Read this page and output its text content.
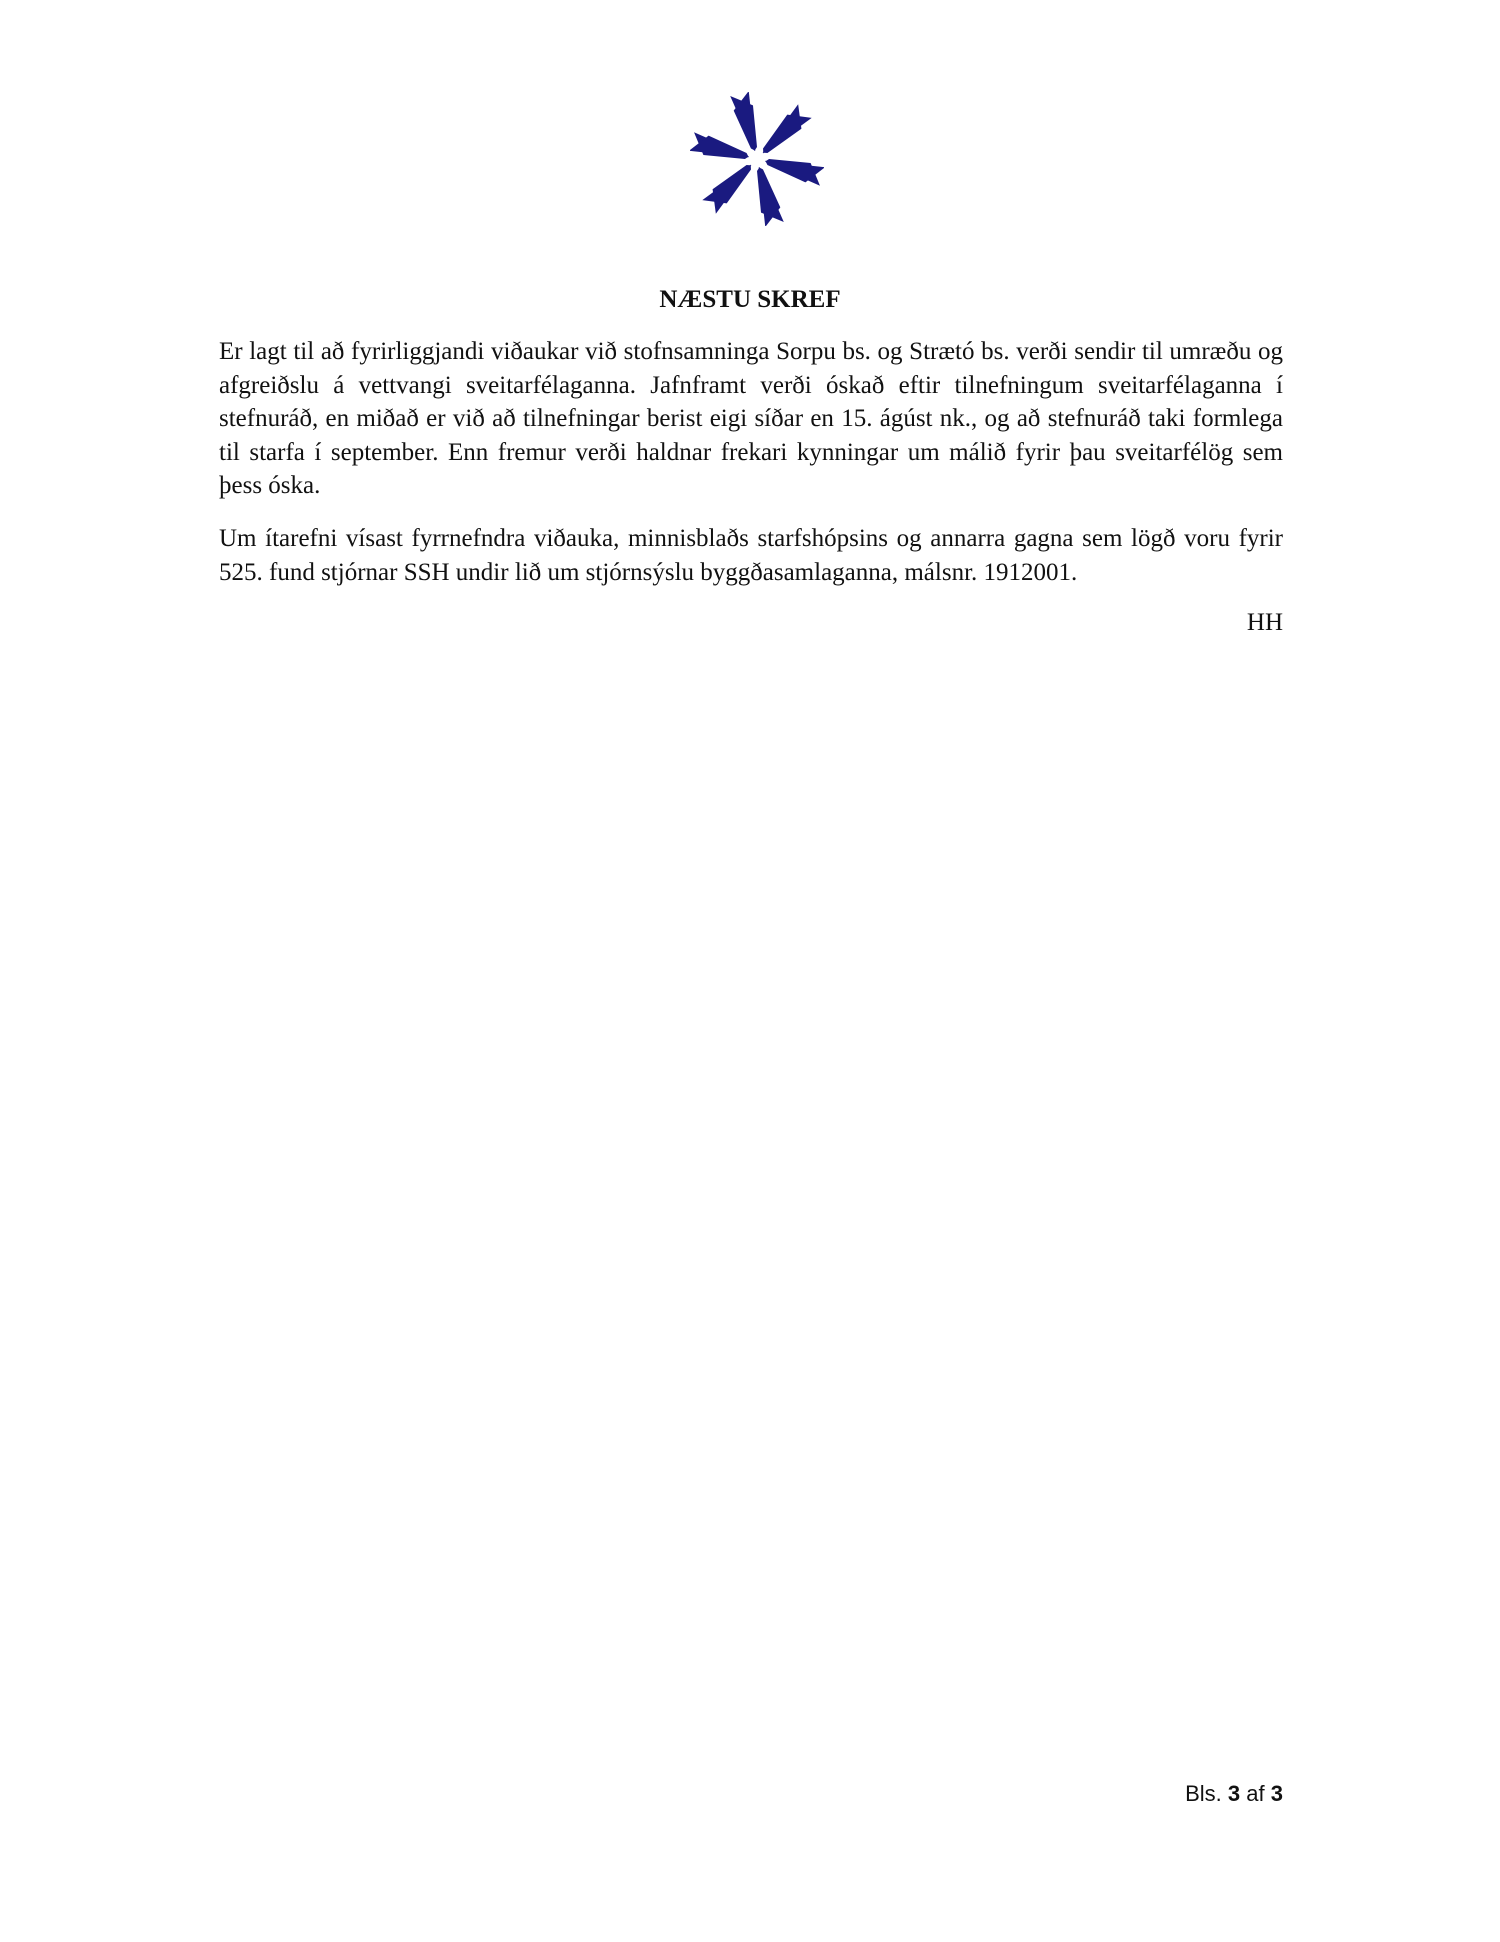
NÆSTU SKREF

Er lagt til að fyrirliggjandi viðaukar við stofnsamninga Sorpu bs. og Strætó bs. verði sendir til umræðu og afgreiðslu á vettvangi sveitarfélaganna. Jafnframt verði óskað eftir tilnefningum sveitarfélaganna í stefnuráð, en miðað er við að tilnefningar berist eigi síðar en 15. ágúst nk., og að stefnuráð taki formlega til starfa í september. Enn fremur verði haldnar frekari kynningar um málið fyrir þau sveitarfélög sem þess óska.

Um ítarefni vísast fyrrnefndra viðauka, minnisblaðs starfshópsins og annarra gagna sem lögð voru fyrir 525. fund stjórnar SSH undir lið um stjórnsýslu byggðasamlaganna, málsnr. 1912001.

HH

Bls. 3 af 3
